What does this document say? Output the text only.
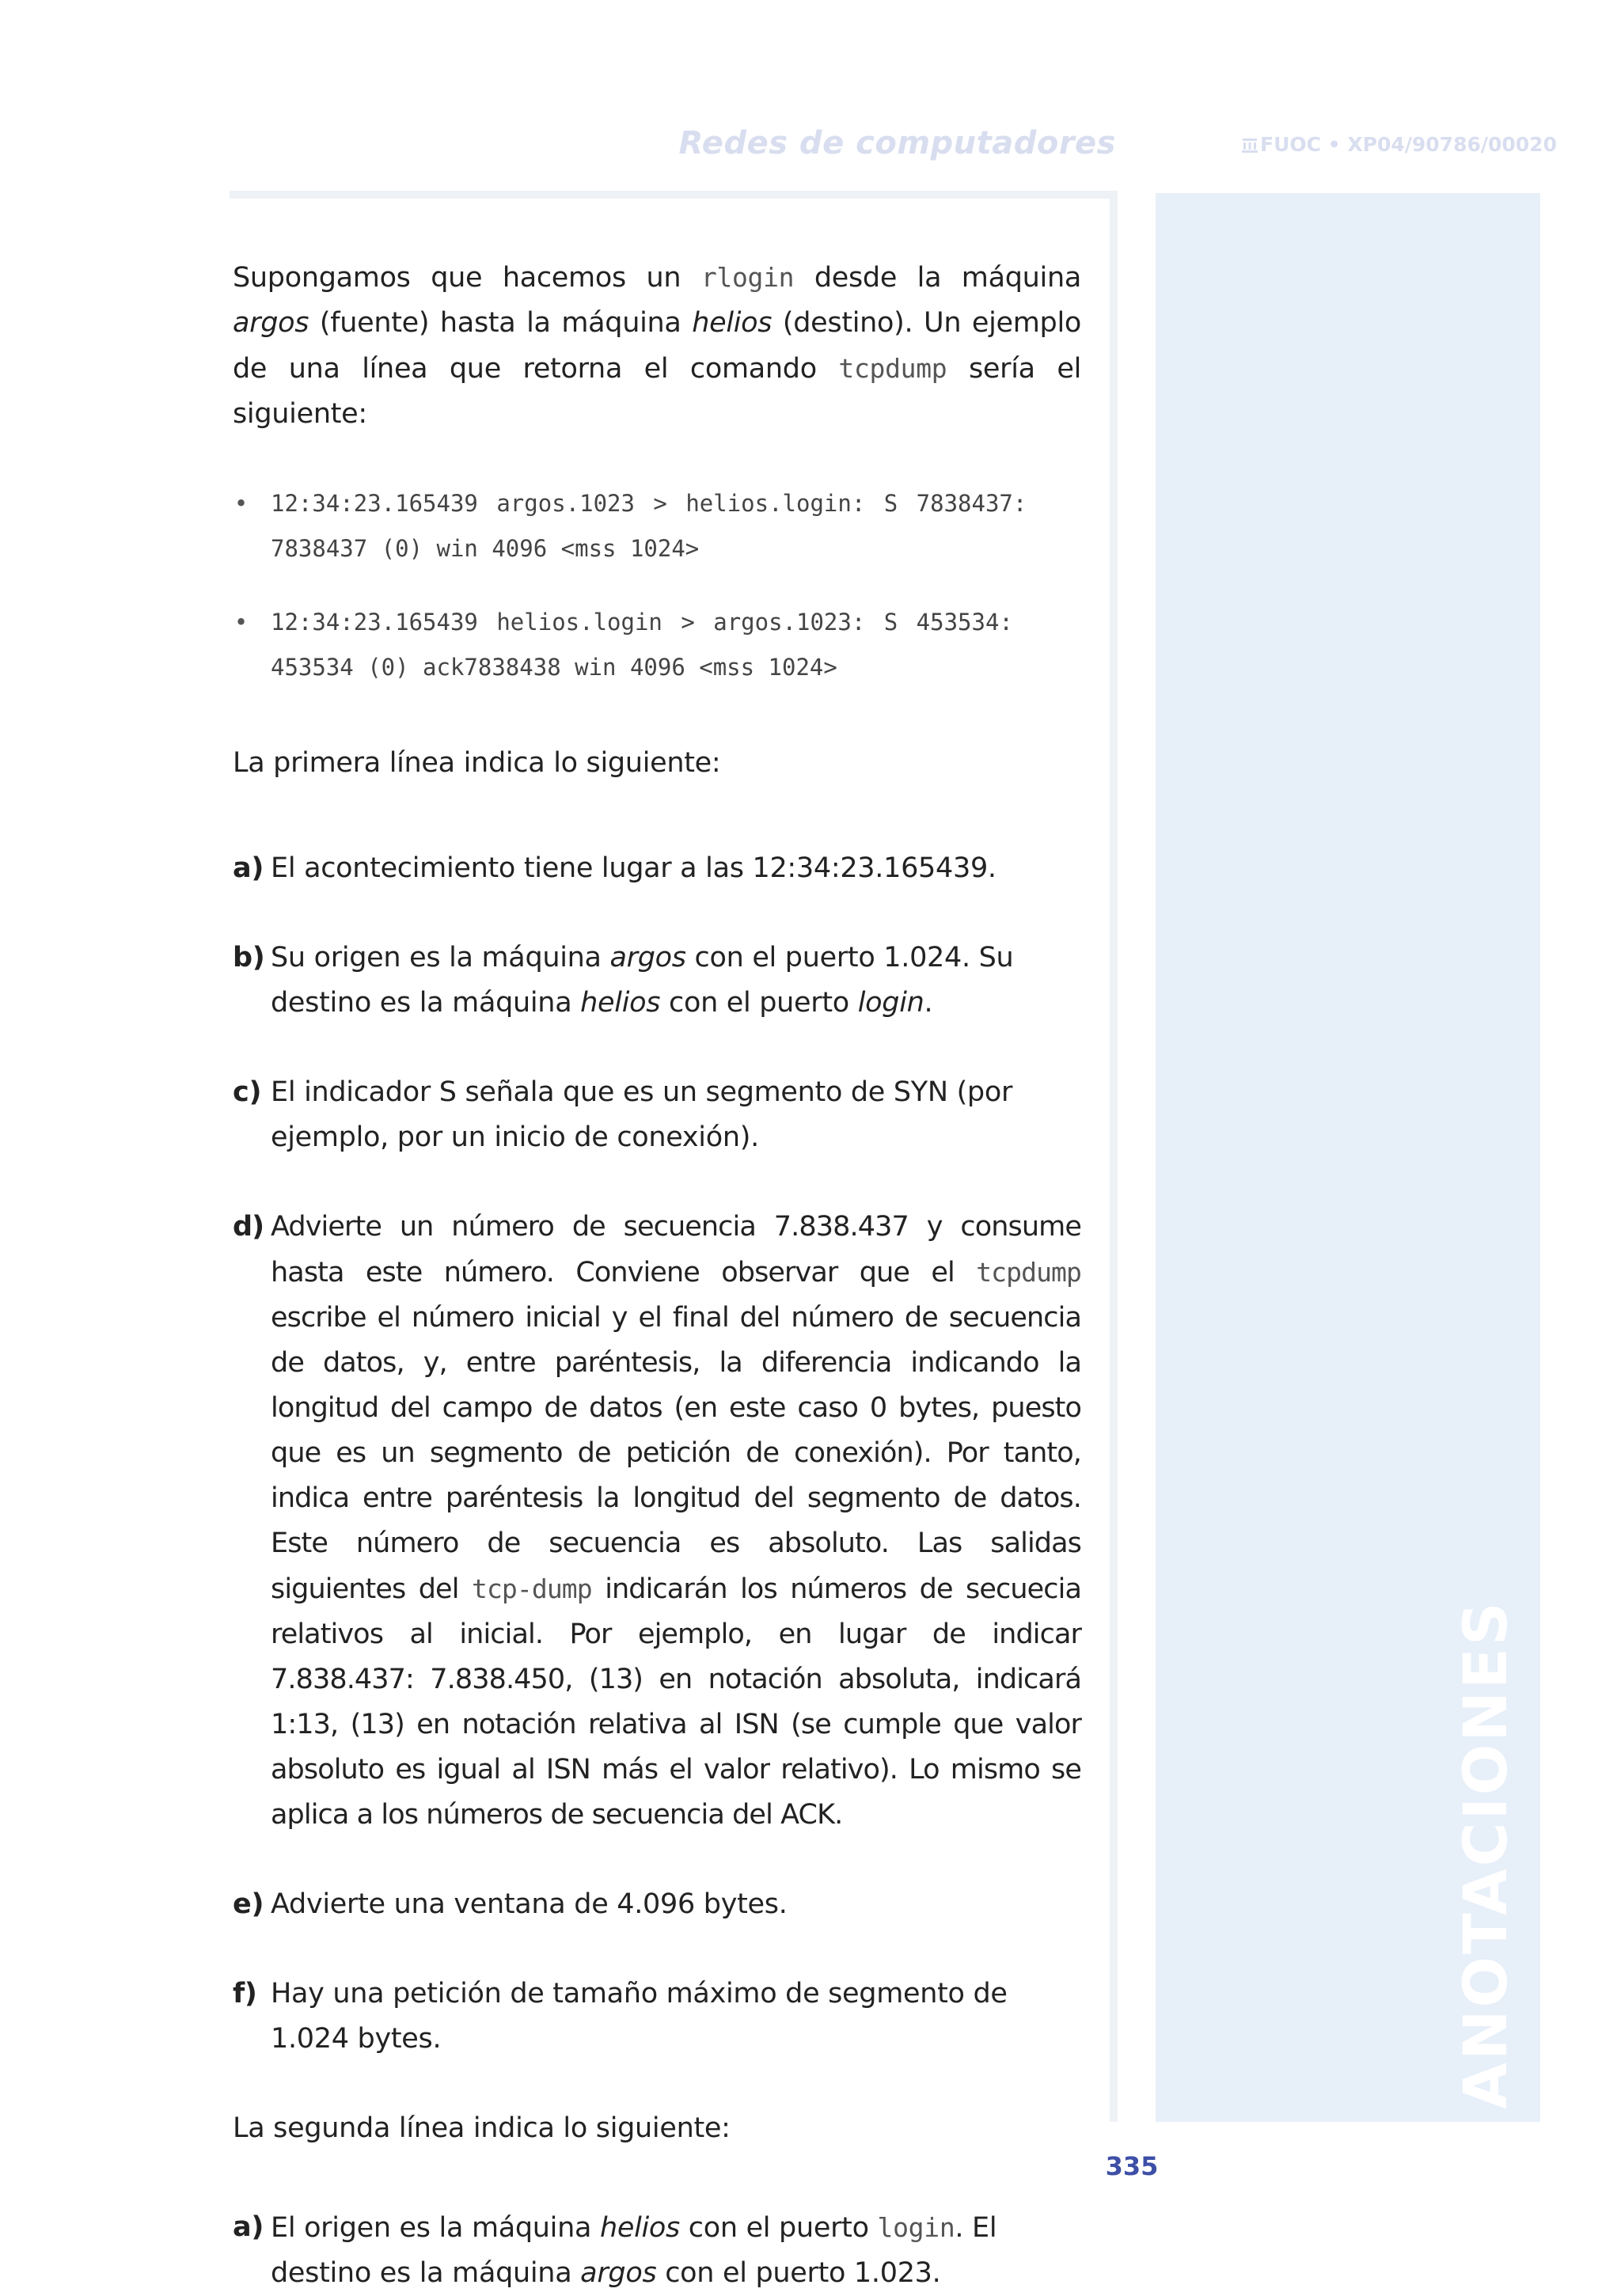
Redes de computadores	FUOC • XP04/90786/00020
ANOTACIONES

Supongamos que hacemos un rlogin desde la máquina argos (fuente) hasta la máquina helios (destino). Un ejemplo de una línea que retorna el comando tcpdump sería el siguiente:

• 12:34:23.165439 argos.1023 > helios.login: S 7838437:
7838437 (0) win 4096 <mss 1024>
• 12:34:23.165439 helios.login > argos.1023: S 453534:
453534 (0) ack7838438 win 4096 <mss 1024>

La primera línea indica lo siguiente:

a) El acontecimiento tiene lugar a las 12:34:23.165439.
b) Su origen es la máquina argos con el puerto 1.024. Su destino es la máquina helios con el puerto login.
c) El indicador S señala que es un segmento de SYN (por ejemplo, por un inicio de conexión).
d) Advierte un número de secuencia 7.838.437 y consume hasta este número. Conviene observar que el tcpdump escribe el número inicial y el final del número de secuencia de datos, y, entre paréntesis, la diferencia indicando la longitud del campo de datos (en este caso 0 bytes, puesto que es un segmento de petición de conexión). Por tanto, indica entre paréntesis la longitud del segmento de datos. Este número de secuencia es absoluto. Las salidas siguientes del tcp-dump indicarán los números de secuecia relativos al inicial. Por ejemplo, en lugar de indicar 7.838.437: 7.838.450, (13) en notación absoluta, indicará 1:13, (13) en notación relativa al ISN (se cumple que valor absoluto es igual al ISN más el valor relativo). Lo mismo se aplica a los números de secuencia del ACK.
e) Advierte una ventana de 4.096 bytes.
f) Hay una petición de tamaño máximo de segmento de 1.024 bytes.

La segunda línea indica lo siguiente:

a) El origen es la máquina helios con el puerto login. El destino es la máquina argos con el puerto 1.023.
335
